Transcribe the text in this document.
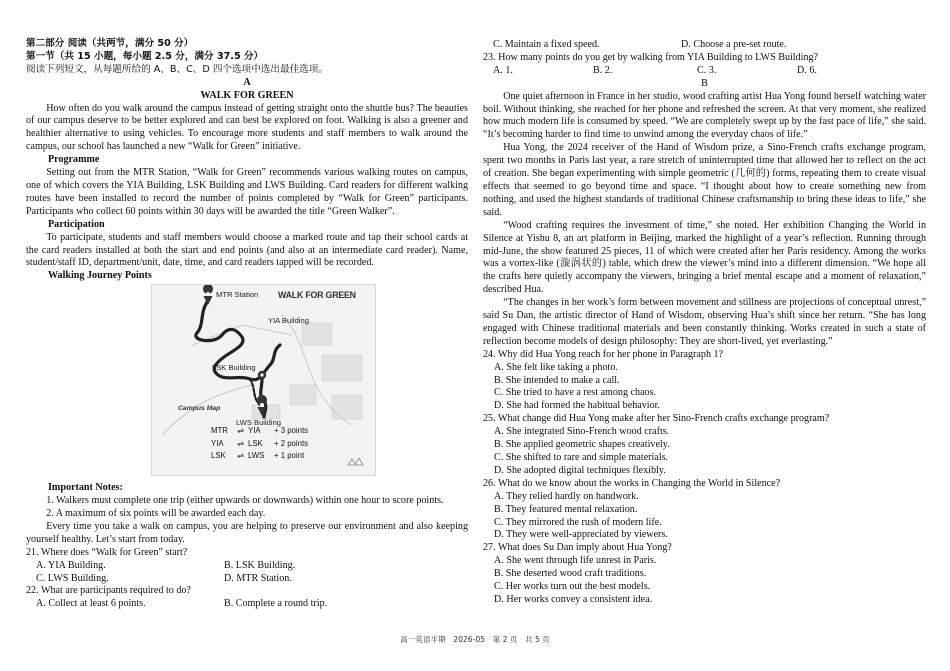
第二部分 阅读（共两节，满分 50 分）

第一节（共 15 小题，每小题 2.5 分，满分 37.5 分）

阅读下列短文，从每题所给的 A、B、C、D 四个选项中选出最佳选项。

A

WALK FOR GREEN

How often do you walk around the campus instead of getting straight onto the shuttle bus? The beauties of our campus deserve to be better explored and can best be explored on foot. Walking is also a greener and healthier alternative to using vehicles. To encourage more students and staff members to walk around the campus, our school has launched a new “Walk for Green” initiative.

Programme

Setting out from the MTR Station, “Walk for Green” recommends various walking routes on campus, one of which covers the YIA Building, LSK Building and LWS Building. Card readers for different walking routes have been installed to record the number of points completed by “Walk for Green” participants. Participants who collect 60 points within 30 days will be awarded the title “Green Walker”.

Participation

To participate, students and staff members would choose a marked route and tap their school cards at the card readers installed at both the start and end points (and also at an intermediate card reader). Name, student/staff ID, department/unit, date, time, and card readers tapped will be recorded.

Walking Journey Points

MTR Station WALK FOR GREEN
YIA Building
LSK Building
Campus Map
LWS Building
MTR	⇌ YIA	+ 3 points
YIA	⇌ LSK	+ 2 points
LSK	⇌ LWS	+ 1 point

Important Notes:

1. Walkers must complete one trip (either upwards or downwards) within one hour to score points.

2. A maximum of six points will be awarded each day.

Every time you take a walk on campus, you are helping to preserve our environment and also keeping yourself healthy. Let’s start from today.

21. Where does “Walk for Green” start?

A. YIA Building.	B. LSK Building.
C. LWS Building.	D. MTR Station.

22. What are participants required to do?

A. Collect at least 6 points.	B. Complete a round trip.
C. Maintain a fixed speed.	D. Choose a pre-set route.

23. How many points do you get by walking from YIA Building to LWS Building?

A. 1.	B. 2.	C. 3.	D. 6.

B

One quiet afternoon in France in her studio, wood crafting artist Hua Yong found herself watching water boil. Without thinking, she reached for her phone and refreshed the screen. At that very moment, she realized how much modern life is consumed by speed. “We are completely swept up by the fast pace of life,” she said. “It’s becoming harder to find time to unwind among the everyday chaos of life.”

Hua Yong, the 2024 receiver of the Hand of Wisdom prize, a Sino-French crafts exchange program, spent two months in Paris last year, a rare stretch of uninterrupted time that allowed her to reflect on the act of creation. She began experimenting with simple geometric (几何的) forms, repeating them to create visual effects that seemed to go beyond time and space. “I thought about how to create something new from nothing, and used the highest standards of traditional Chinese craftsmanship to bring these ideas to life,” she said.

“Wood crafting requires the investment of time,” she noted. Her exhibition Changing the World in Silence at Yishu 8, an art platform in Beijing, marked the highlight of a year’s reflection. Running through mid-June, the show featured 25 pieces, 11 of which were created after her Paris residency. Among the works was a vortex-like (漩涡状的) table, which drew the viewer’s mind into a different dimension. “We hope all the crafts here quietly accompany the viewers, bringing a brief mental escape and a moment of relaxation,” described Hua.

“The changes in her work’s form between movement and stillness are projections of conceptual unrest,” said Su Dan, the artistic director of Hand of Wisdom, observing Hua’s shift since her return. “She has long engaged with Chinese traditional materials and been constantly thinking. Works created in such a state of reflection become models of design philosophy: They are short-lived, yet everlasting.”

24. Why did Hua Yong reach for her phone in Paragraph 1?

A. She felt like taking a photo.

B. She intended to make a call.

C. She tried to have a rest among chaos.

D. She had formed the habitual behavior.

25. What change did Hua Yong make after her Sino-French crafts exchange program?

A. She integrated Sino-French wood crafts.

B. She applied geometric shapes creatively.

C. She shifted to rare and simple materials.

D. She adopted digital techniques flexibly.

26. What do we know about the works in Changing the World in Silence?

A. They relied hardly on handwork.

B. They featured mental relaxation.

C. They mirrored the rush of modern life.

D. They were well-appreciated by viewers.

27. What does Su Dan imply about Hua Yong?

A. She went through life unrest in Paris.

B. She deserted wood craft traditions.

C. Her works turn out the best models.

D. Her works convey a consistent idea.

高一英语半期　2026-05　第 2 页　共 5 页
